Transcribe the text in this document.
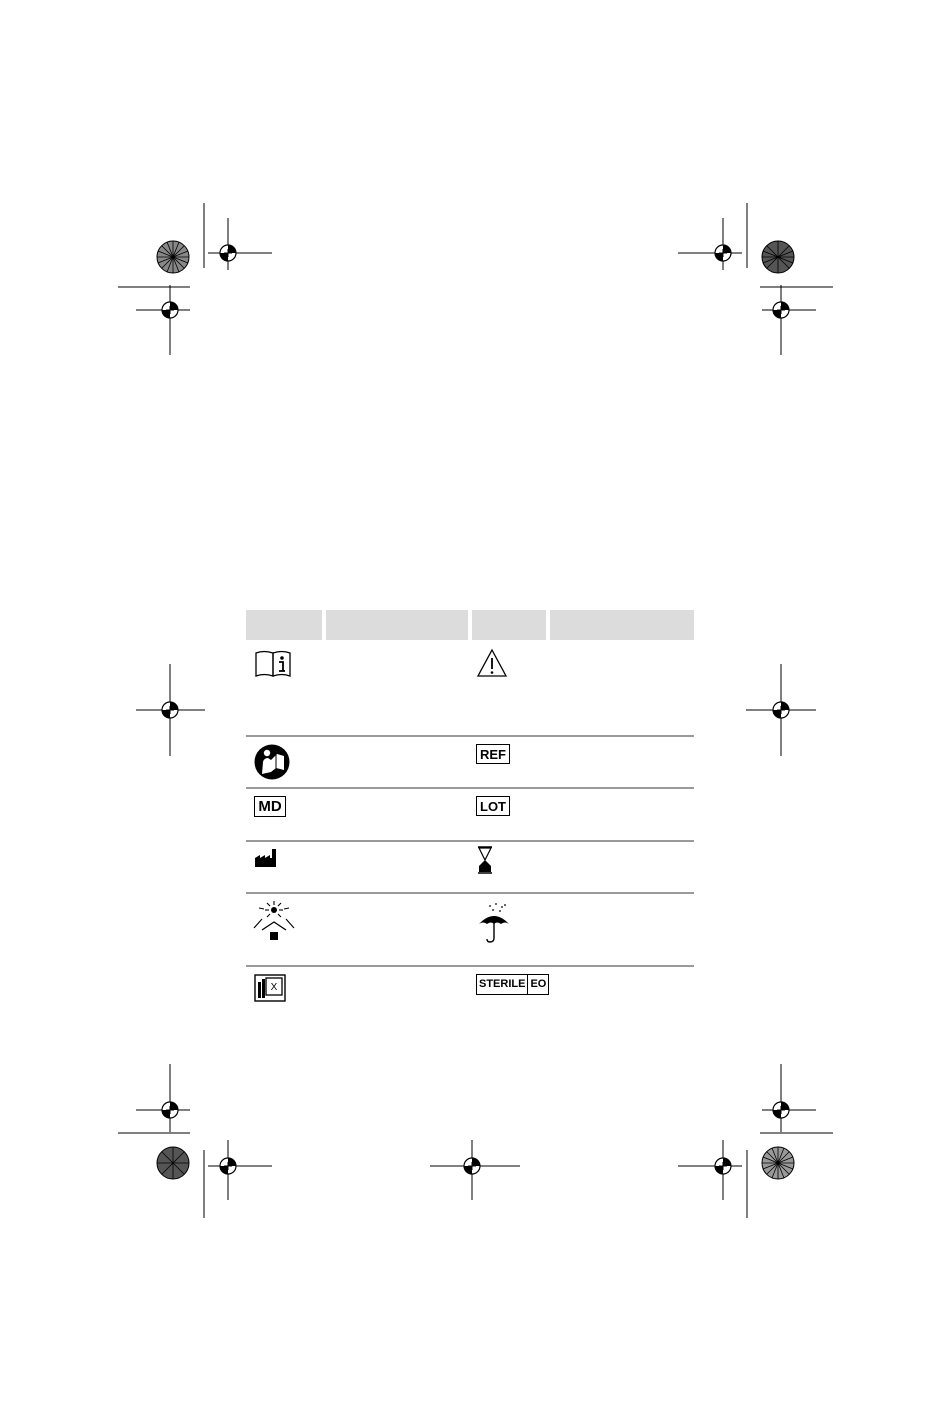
REF
MD	LOT
X	STERILE EO
